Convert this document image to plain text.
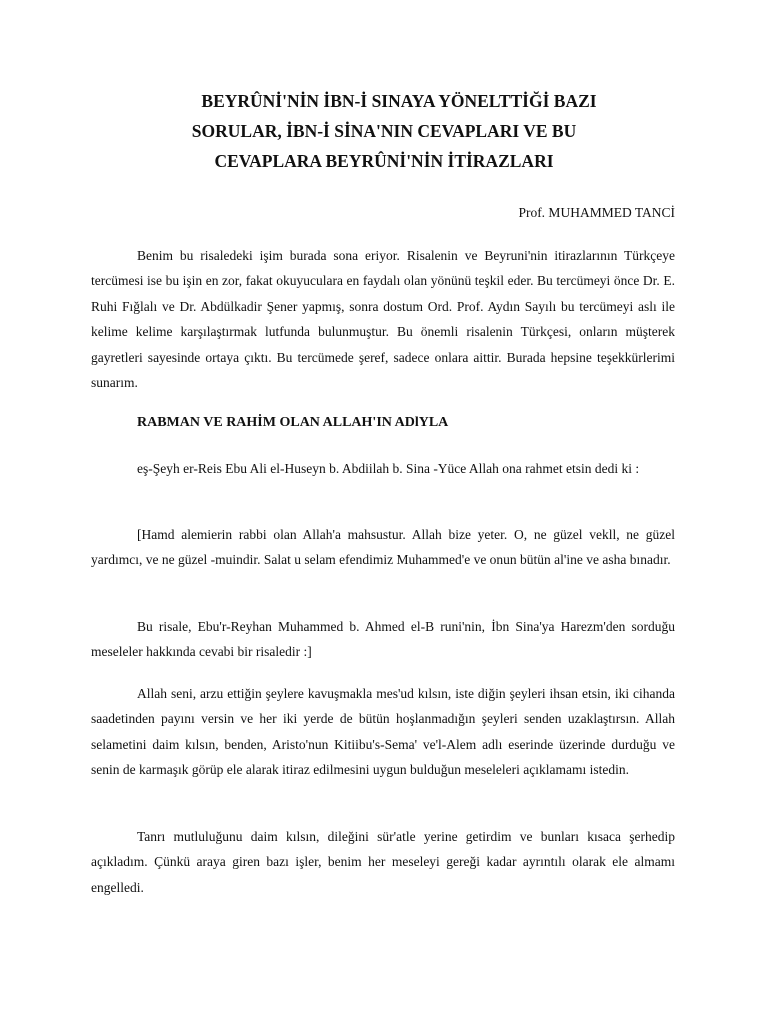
BEYRÛNİ'NİN İBN-İ SINAYA YÖNELTTİĞİ BAZI
SORULAR, İBN-İ SİNA'NIN CEVAPLARI VE BU
CEVAPLARA BEYRÛNİ'NİN İTİRAZLARI

Prof. MUHAMMED TANCİ

Benim bu risaledeki işim burada sona eriyor. Risalenin ve Beyruni'nin itirazlarının Türkçeye tercümesi ise bu işin en zor, fakat okuyuculara en faydalı olan yönünü teşkil eder. Bu tercümeyi önce Dr. E. Ruhi Fığlalı ve Dr. Abdülkadir Şener yapmış, sonra dostum Ord. Prof. Aydın Sayılı bu tercümeyi aslı ile kelime kelime karşılaştırmak lutfunda bulunmuştur. Bu önemli risalenin Türkçesi, onların müşterek gayretleri sayesinde ortaya çıktı. Bu tercümede şeref, sadece onlara aittir. Burada hepsine teşekkürlerimi sunarım.

RABMAN VE RAHİM OLAN ALLAH'IN ADlYLA

eş-Şeyh er-Reis Ebu Ali el-Huseyn b. Abdiilah b. Sina -Yüce Allah ona rahmet etsin dedi ki :

[Hamd alemierin rabbi olan Allah'a mahsustur. Allah bize yeter. O, ne güzel vekll, ne güzel yardımcı, ve ne güzel -muindir. Salat u selam efendimiz Muhammed'e ve onun bütün al'ine ve asha bınadır.

Bu risale, Ebu'r-Reyhan Muhammed b. Ahmed el-B runi'nin, İbn Sina'ya Harezm'den sorduğu meseleler hakkında cevabi bir risaledir :]

Allah seni, arzu ettiğin şeylere kavuşmakla mes'ud kılsın, iste diğin şeyleri ihsan etsin, iki cihanda saadetinden payını versin ve her iki yerde de bütün hoşlanmadığın şeyleri senden uzaklaştırsın. Allah selametini daim kılsın, benden, Aristo'nun Kitiibu's-Sema' ve'l-Alem adlı eserinde üzerinde durduğu ve senin de karmaşık görüp ele alarak itiraz edilmesini uygun bulduğun meseleleri açıklamamı istedin.

Tanrı mutluluğunu daim kılsın, dileğini sür'atle yerine getirdim ve bunları kısaca şerhedip açıkladım. Çünkü araya giren bazı işler, benim her meseleyi gereği kadar ayrıntılı olarak ele almamı engelledi.
